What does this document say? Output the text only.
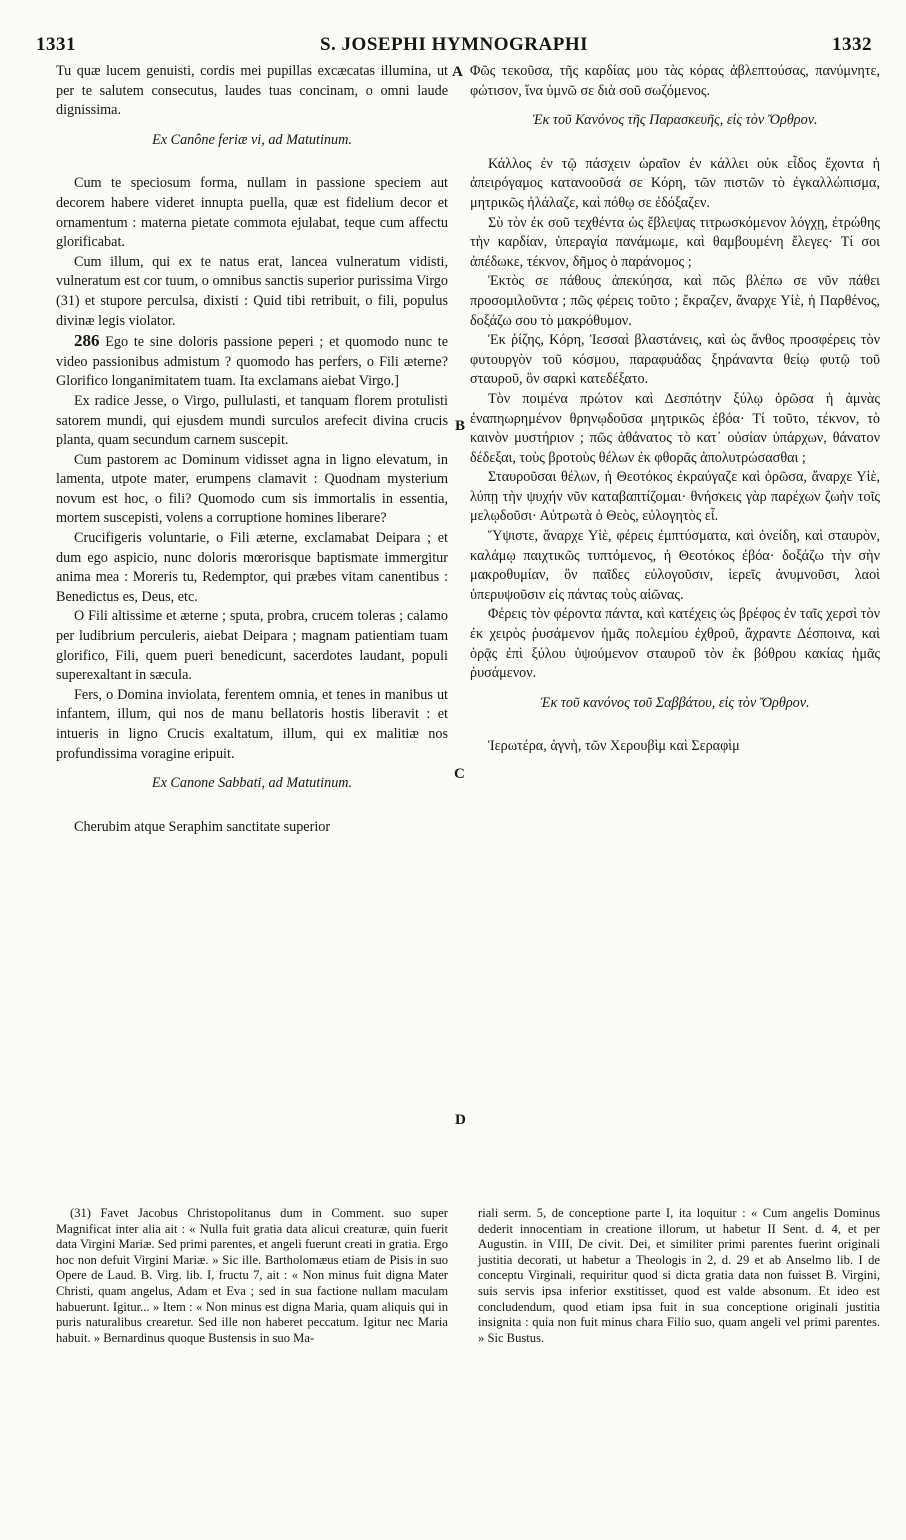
1331	S. JOSEPHI HYMNOGRAPHI	1332
A
B
C
D

Tu quæ lucem genuisti, cordis mei pupillas excæcatas illumina, ut per te salutem consecutus, laudes tuas concinam, o omni laude dignissima.

Ex Canône feriæ vi, ad Matutinum.

Cum te speciosum forma, nullam in passione speciem aut decorem habere videret innupta puella, quæ est fidelium decor et ornamentum : materna pietate commota ejulabat, teque cum affectu glorificabat.

Cum illum, qui ex te natus erat, lancea vulneratum vidisti, vulneratum est cor tuum, o omnibus sanctis superior purissima Virgo (31) et stupore perculsa, dixisti : Quid tibi retribuit, o fili, populus divinæ legis violator.

286 Ego te sine doloris passione peperi ; et quomodo nunc te video passionibus admistum ? quomodo has perfers, o Fili æterne? Glorifico longanimitatem tuam. Ita exclamans aiebat Virgo.]

Ex radice Jesse, o Virgo, pullulasti, et tanquam florem protulisti satorem mundi, qui ejusdem mundi surculos arefecit divina crucis planta, quam secundum carnem suscepit.

Cum pastorem ac Dominum vidisset agna in ligno elevatum, in lamenta, utpote mater, erumpens clamavit : Quodnam mysterium novum est hoc, o fili? Quomodo cum sis immortalis in essentia, mortem suscepisti, volens a corruptione homines liberare?

Crucifigeris voluntarie, o Fili æterne, exclamabat Deipara ; et dum ego aspicio, nunc doloris mœrorisque baptismate immergitur anima mea : Moreris tu, Redemptor, qui præbes vitam canentibus : Benedictus es, Deus, etc.

O Fili altissime et æterne ; sputa, probra, crucem toleras ; calamo per ludibrium perculeris, aiebat Deipara ; magnam patientiam tuam glorifico, Fili, quem pueri benedicunt, sacerdotes laudant, populi superexaltant in sæcula.

Fers, o Domina inviolata, ferentem omnia, et tenes in manibus ut infantem, illum, qui nos de manu bellatoris hostis liberavit : et intueris in ligno Crucis exaltatum, illum, qui ex malitiæ nos profundissima voragine eripuit.

Ex Canone Sabbati, ad Matutinum.

Cherubim atque Seraphim sanctitate superior

Φῶς τεκοῦσα, τῆς καρδίας μου τὰς κόρας ἀβλεπτούσας, πανύμνητε, φώτισον, ἵνα ὑμνῶ σε διὰ σοῦ σωζόμενος.

Ἐκ τοῦ Κανόνος τῆς Παρασκευῆς, εἰς τὸν Ὄρθρον.

Κάλλος ἐν τῷ πάσχειν ὡραῖον ἐν κάλλει οὐκ εἶδος ἔχοντα ἡ ἀπειρόγαμος κατανοοῦσά σε Κόρη, τῶν πιστῶν τὸ ἐγκαλλώπισμα, μητρικῶς ἠλάλαζε, καὶ πόθῳ σε ἐδόξαζεν.

Σὺ τὸν ἐκ σοῦ τεχθέντα ὡς ἔβλεψας τιτρωσκόμενον λόγχῃ, ἐτρώθης τὴν καρδίαν, ὑπεραγία πανάμωμε, καὶ θαμβουμένη ἔλεγες· Τί σοι ἀπέδωκε, τέκνον, δῆμος ὁ παράνομος ;

Ἐκτὸς σε πάθους ἀπεκύησα, καὶ πῶς βλέπω σε νῦν πάθει προσομιλοῦντα ; πῶς φέρεις τοῦτο ; ἔκραζεν, ἄναρχε Υἱὲ, ἡ Παρθένος, δοξάζω σου τὸ μακρόθυμον.

Ἐκ ῥίζης, Κόρη, Ἰεσσαὶ βλαστάνεις, καὶ ὡς ἄνθος προσφέρεις τὸν φυτουργὸν τοῦ κόσμου, παραφυάδας ξηράναντα θείῳ φυτῷ τοῦ σταυροῦ, ὃν σαρκὶ κατεδέξατο.

Τὸν ποιμένα πρώτον καὶ Δεσπότην ξύλῳ ὁρῶσα ἡ ἀμνὰς ἐναπηωρημένον θρηνῳδοῦσα μητρικῶς ἐβόα· Τί τοῦτο, τέκνον, τὸ καινὸν μυστήριον ; πῶς ἀθάνατος τὸ κατ᾽ οὐσίαν ὑπάρχων, θάνατον δέδεξαι, τοὺς βροτοὺς θέλων ἐκ φθορᾶς ἀπολυτρώσασθαι ;

Σταυροῦσαι θέλων, ἡ Θεοτόκος ἐκραύγαζε καὶ ὁρῶσα, ἄναρχε Υἱὲ, λύπῃ τὴν ψυχήν νῦν καταβαπτίζομαι· θνήσκεις γὰρ παρέχων ζωὴν τοῖς μελῳδοῦσι· Αὐτρωτὰ ὁ Θεὸς, εὐλογητὸς εἶ.

Ὕψιστε, ἄναρχε Υἱὲ, φέρεις ἐμπτύσματα, καὶ ὀνείδη, καὶ σταυρὸν, καλάμῳ παιχτικῶς τυπτόμενος, ἡ Θεοτόκος ἐβόα· δοξάζω τὴν σὴν μακροθυμίαν, ὃν παῖδες εὐλογοῦσιν, ἱερεῖς ἀνυμνοῦσι, λαοὶ ὑπερυψοῦσιν εἰς πάντας τοὺς αἰῶνας.

Φέρεις τὸν φέροντα πάντα, καὶ κατέχεις ὡς βρέφος ἐν ταῖς χερσὶ τὸν ἐκ χειρὸς ῥυσάμενον ἡμᾶς πολεμίου ἐχθροῦ, ἄχραντε Δέσποινα, καὶ ὁρᾷς ἐπὶ ξύλου ὑψούμενον σταυροῦ τὸν ἐκ βόθρου κακίας ἡμᾶς ῥυσάμενον.

Ἐκ τοῦ κανόνος τοῦ Σαββάτου, εἰς τὸν Ὄρθρον.

Ἱερωτέρα, ἁγνὴ, τῶν Χερουβὶμ καὶ Σεραφὶμ

(31) Favet Jacobus Christopolitanus dum in Comment. suo super Magnificat inter alia ait : « Nulla fuit gratia data alicui creaturæ, quin fuerit data Virgini Mariæ. Sed primi parentes, et angeli fuerunt creati in gratia. Ergo hoc non defuit Virgini Mariæ. » Sic ille. Bartholomæus etiam de Pisis in suo Opere de Laud. B. Virg. lib. I, fructu 7, ait : « Non minus fuit digna Mater Christi, quam angelus, Adam et Eva ; sed in sua factione nullam maculam habuerunt. Igitur... » Item : « Non minus est digna Maria, quam aliquis qui in puris naturalibus crearetur. Sed ille non haberet peccatum. Igitur nec Maria habuit. » Bernardinus quoque Bustensis in suo Ma-

riali serm. 5, de conceptione parte I, ita loquitur : « Cum angelis Dominus dederit innocentiam in creatione illorum, ut habetur II Sent. d. 4, et per Augustin. in VIII, De civit. Dei, et similiter primi parentes fuerint originali justitia decorati, ut habetur a Theologis in 2, d. 29 et ab Anselmo lib. I de conceptu Virginali, requiritur quod si dicta gratia data non fuisset B. Virgini, suis servis ipsa inferior exstitisset, quod est valde absonum. Et ideo est concludendum, quod etiam ipsa fuit in sua conceptione originali justitia insignita : quia non fuit minus chara Filio suo, quam angeli vel primi parentes. » Sic Bustus.
